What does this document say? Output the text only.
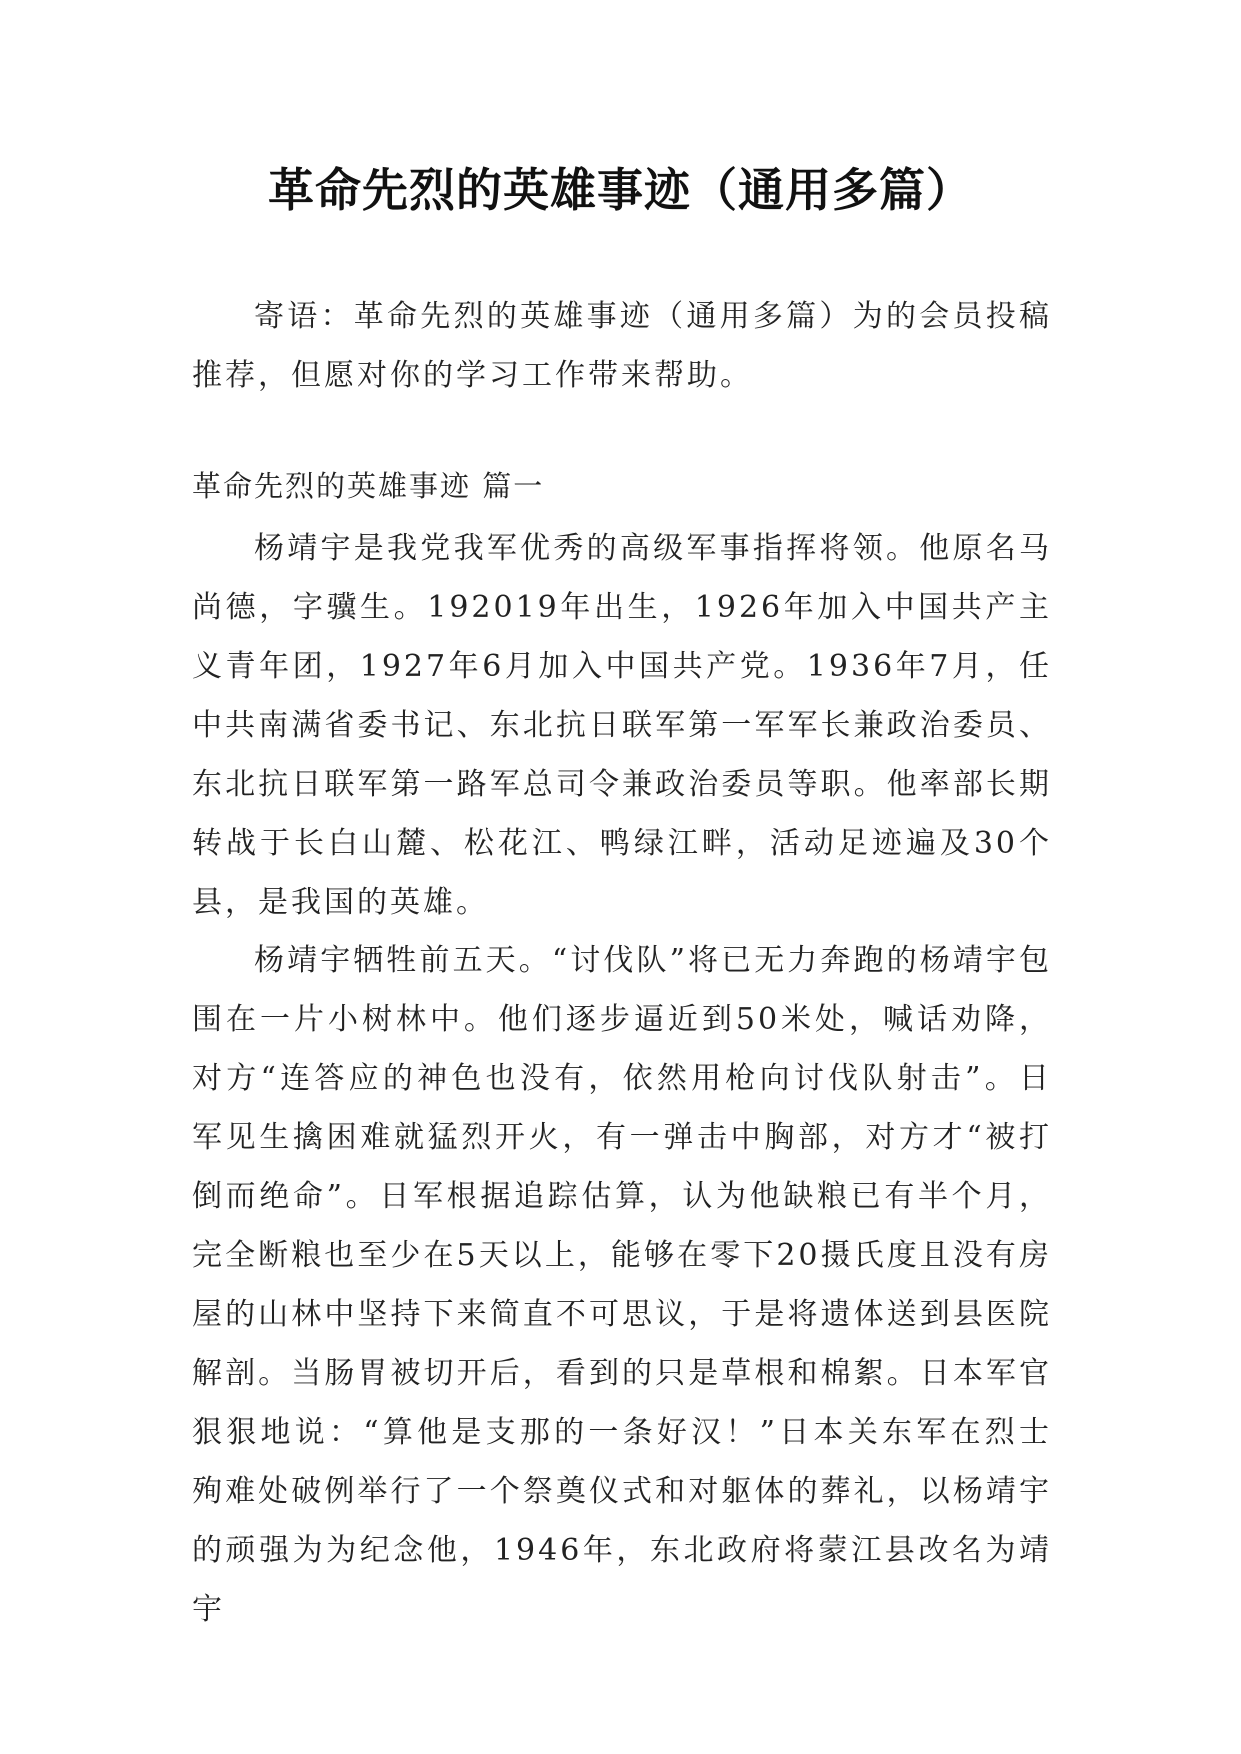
革命先烈的英雄事迹（通用多篇）

寄语：革命先烈的英雄事迹（通用多篇）为的会员投稿推荐，但愿对你的学习工作带来帮助。

革命先烈的英雄事迹 篇一

杨靖宇是我党我军优秀的高级军事指挥将领。他原名马尚德，字骥生。192019年出生，1926年加入中国共产主义青年团，1927年6月加入中国共产党。1936年7月，任中共南满省委书记、东北抗日联军第一军军长兼政治委员、东北抗日联军第一路军总司令兼政治委员等职。他率部长期转战于长白山麓、松花江、鸭绿江畔，活动足迹遍及30个县，是我国的英雄。

杨靖宇牺牲前五天。“讨伐队”将已无力奔跑的杨靖宇包围在一片小树林中。他们逐步逼近到50米处，喊话劝降，对方“连答应的神色也没有，依然用枪向讨伐队射击”。日军见生擒困难就猛烈开火，有一弹击中胸部，对方才“被打倒而绝命”。日军根据追踪估算，认为他缺粮已有半个月，完全断粮也至少在5天以上，能够在零下20摄氏度且没有房屋的山林中坚持下来简直不可思议，于是将遗体送到县医院解剖。当肠胃被切开后，看到的只是草根和棉絮。日本军官狠狠地说：“算他是支那的一条好汉！”日本关东军在烈士殉难处破例举行了一个祭奠仪式和对躯体的葬礼，以杨靖宇的顽强为为纪念他，1946年，东北政府将蒙江县改名为靖宇
